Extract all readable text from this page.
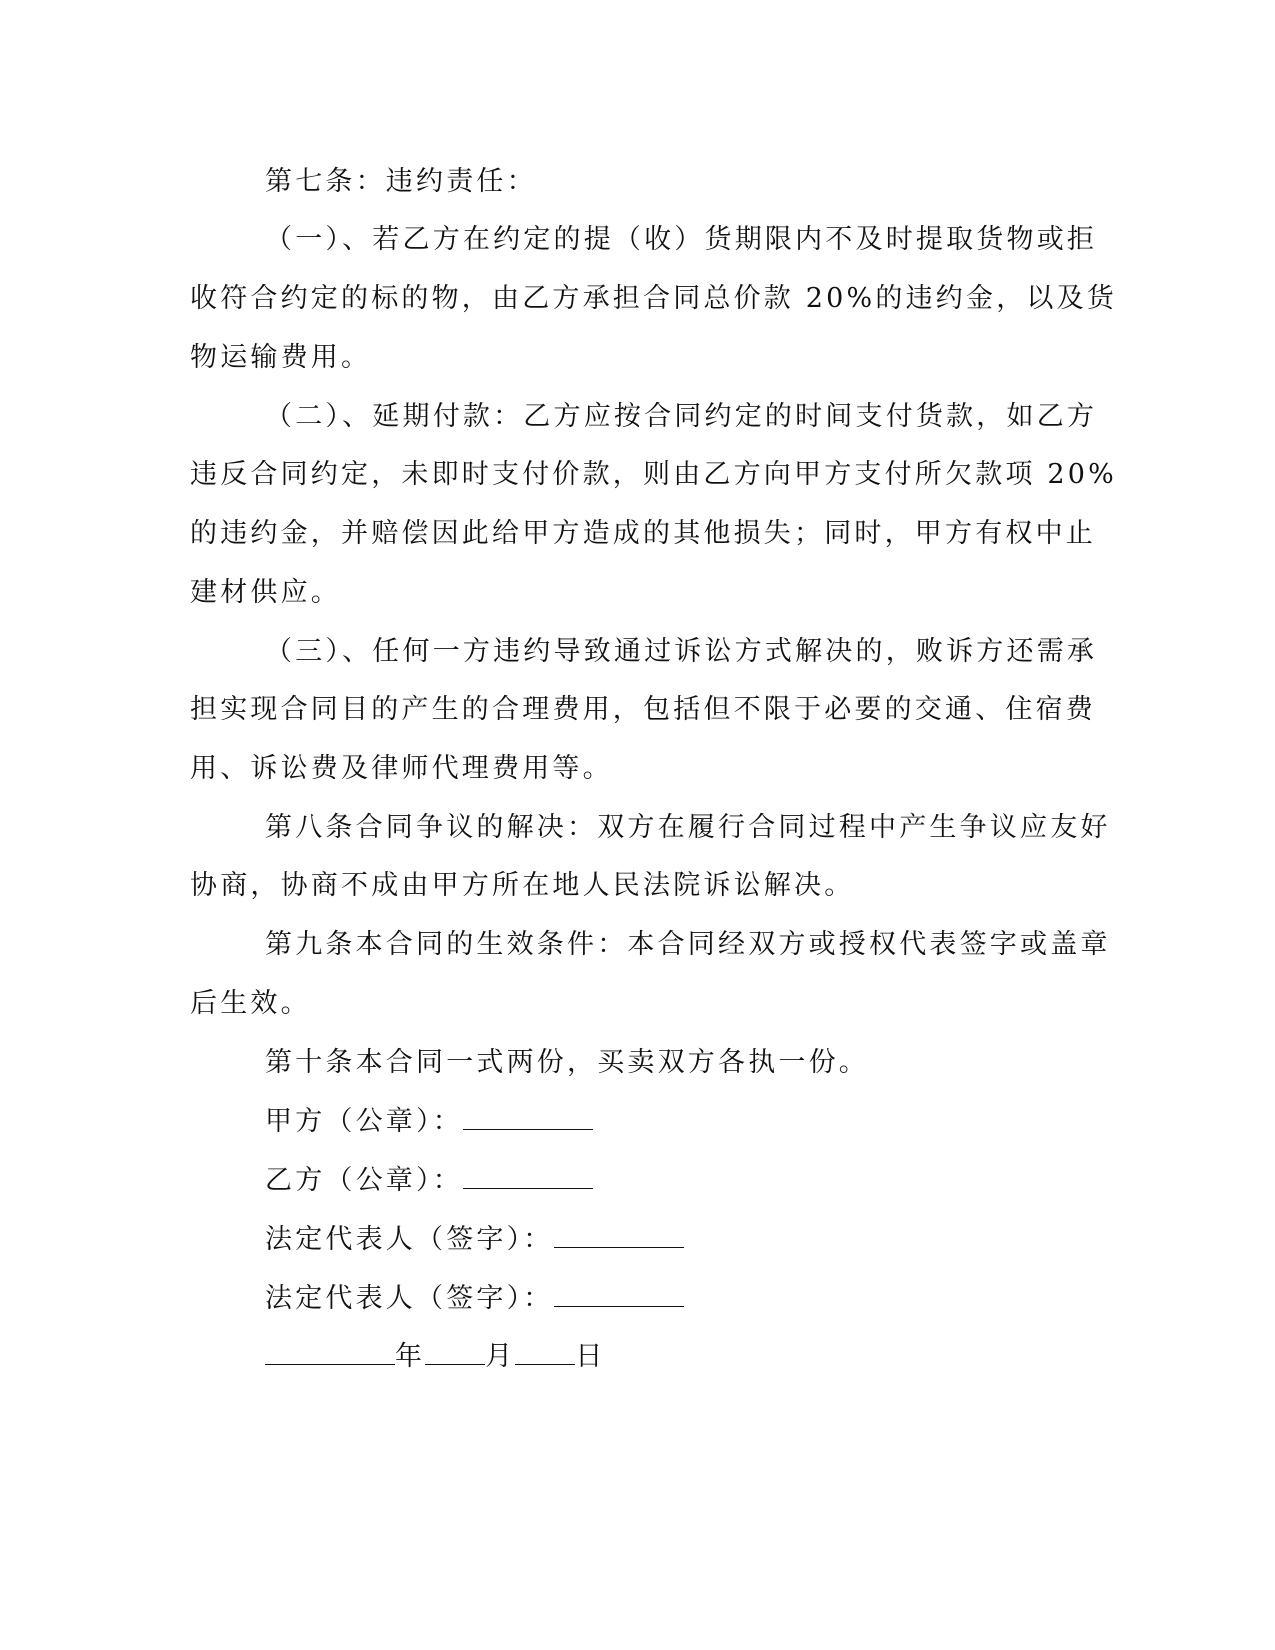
第七条：违约责任：
（一）、若乙方在约定的提（收）货期限内不及时提取货物或拒
收符合约定的标的物，由乙方承担合同总价款 20%的违约金，以及货
物运输费用。
（二）、延期付款：乙方应按合同约定的时间支付货款，如乙方
违反合同约定，未即时支付价款，则由乙方向甲方支付所欠款项 20%
的违约金，并赔偿因此给甲方造成的其他损失；同时，甲方有权中止
建材供应。
（三）、任何一方违约导致通过诉讼方式解决的，败诉方还需承
担实现合同目的产生的合理费用，包括但不限于必要的交通、住宿费
用、诉讼费及律师代理费用等。
第八条合同争议的解决：双方在履行合同过程中产生争议应友好
协商，协商不成由甲方所在地人民法院诉讼解决。
第九条本合同的生效条件：本合同经双方或授权代表签字或盖章
后生效。
第十条本合同一式两份，买卖双方各执一份。
甲方（公章）：
乙方（公章）：
法定代表人（签字）：
法定代表人（签字）：
年 月 日
